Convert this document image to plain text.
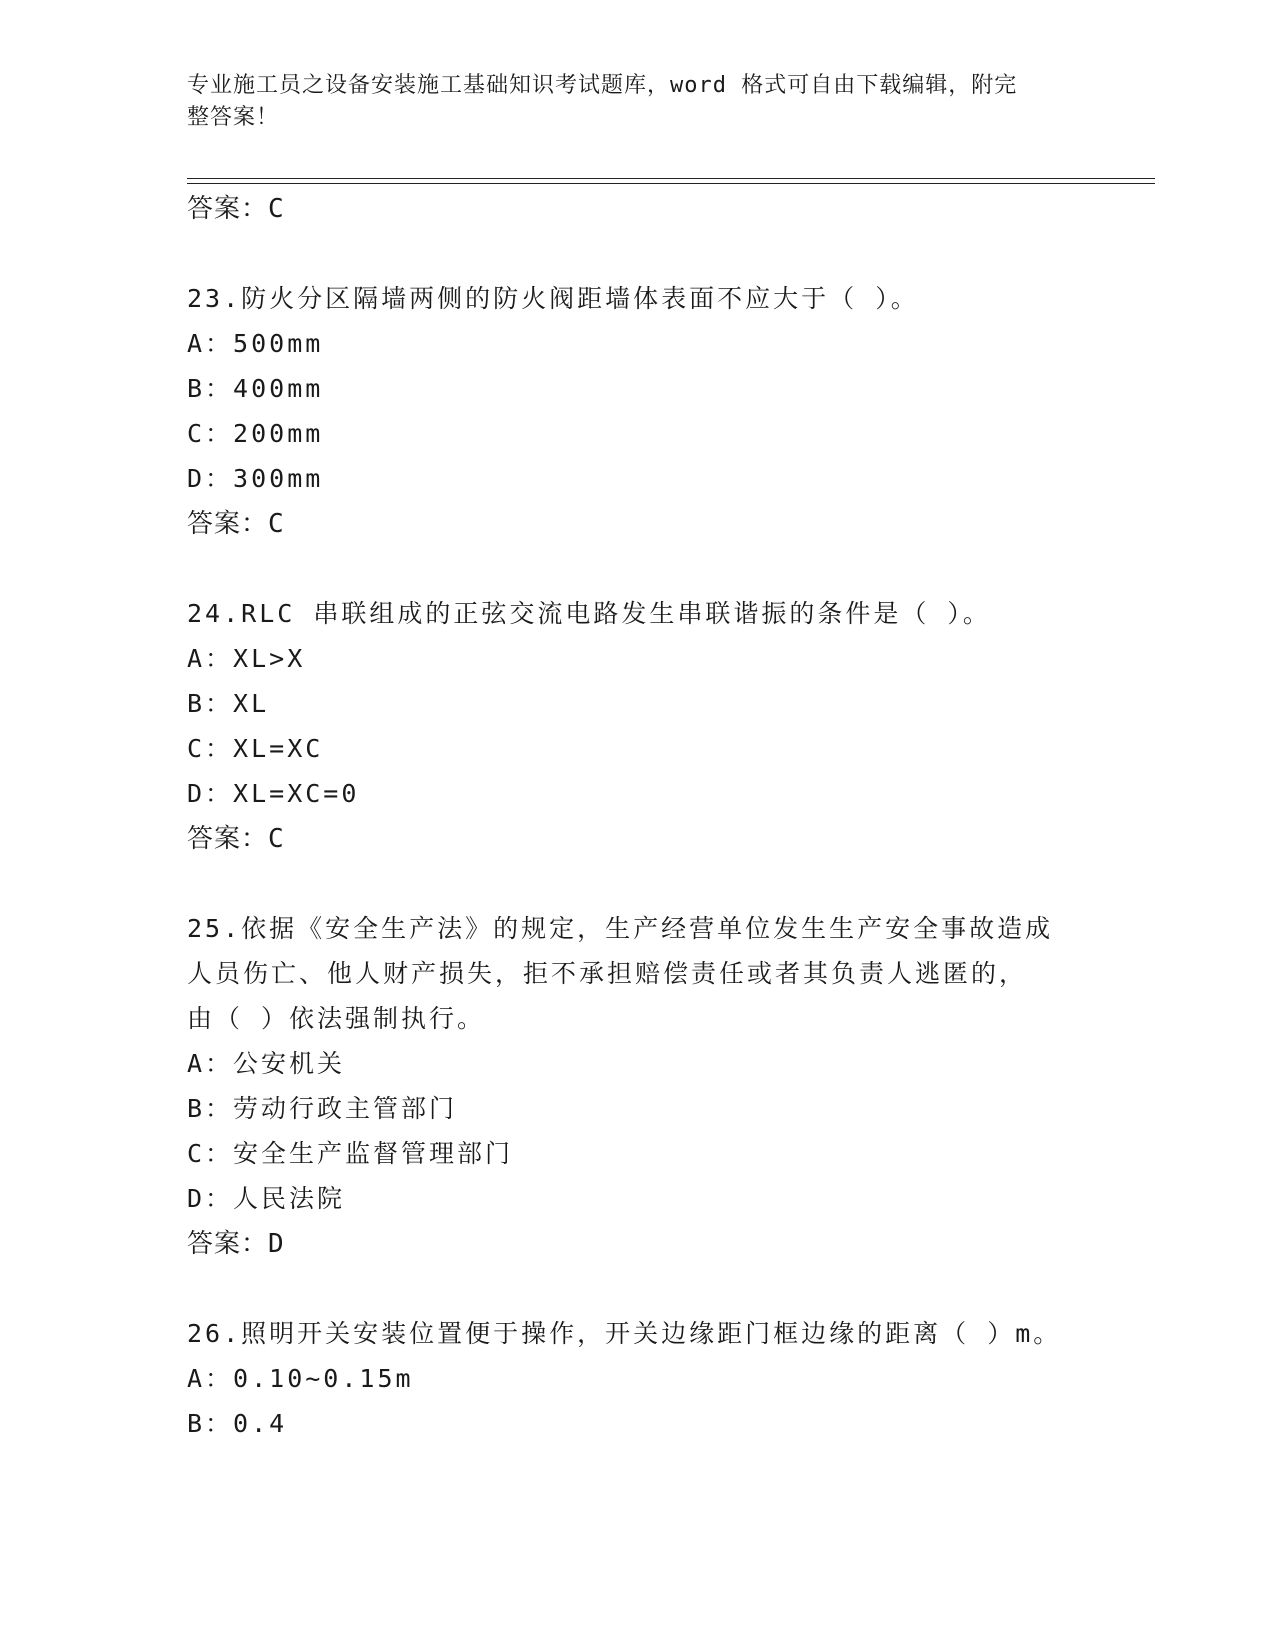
专业施工员之设备安装施工基础知识考试题库，word 格式可自由下载编辑，附完
整答案！
答案：C
23.防火分区隔墙两侧的防火阀距墙体表面不应大于（ ）。
A：500mm
B：400mm
C：200mm
D：300mm
答案：C
24.RLC 串联组成的正弦交流电路发生串联谐振的条件是（ ）。
A：XL>X
B：XL
C：XL=XC
D：XL=XC=0
答案：C
25.依据《安全生产法》的规定，生产经营单位发生生产安全事故造成
人员伤亡、他人财产损失，拒不承担赔偿责任或者其负责人逃匿的，
由（ ）依法强制执行。
A：公安机关
B：劳动行政主管部门
C：安全生产监督管理部门
D：人民法院
答案：D
26.照明开关安装位置便于操作，开关边缘距门框边缘的距离（ ）m。
A：0.10~0.15m
B：0.4
